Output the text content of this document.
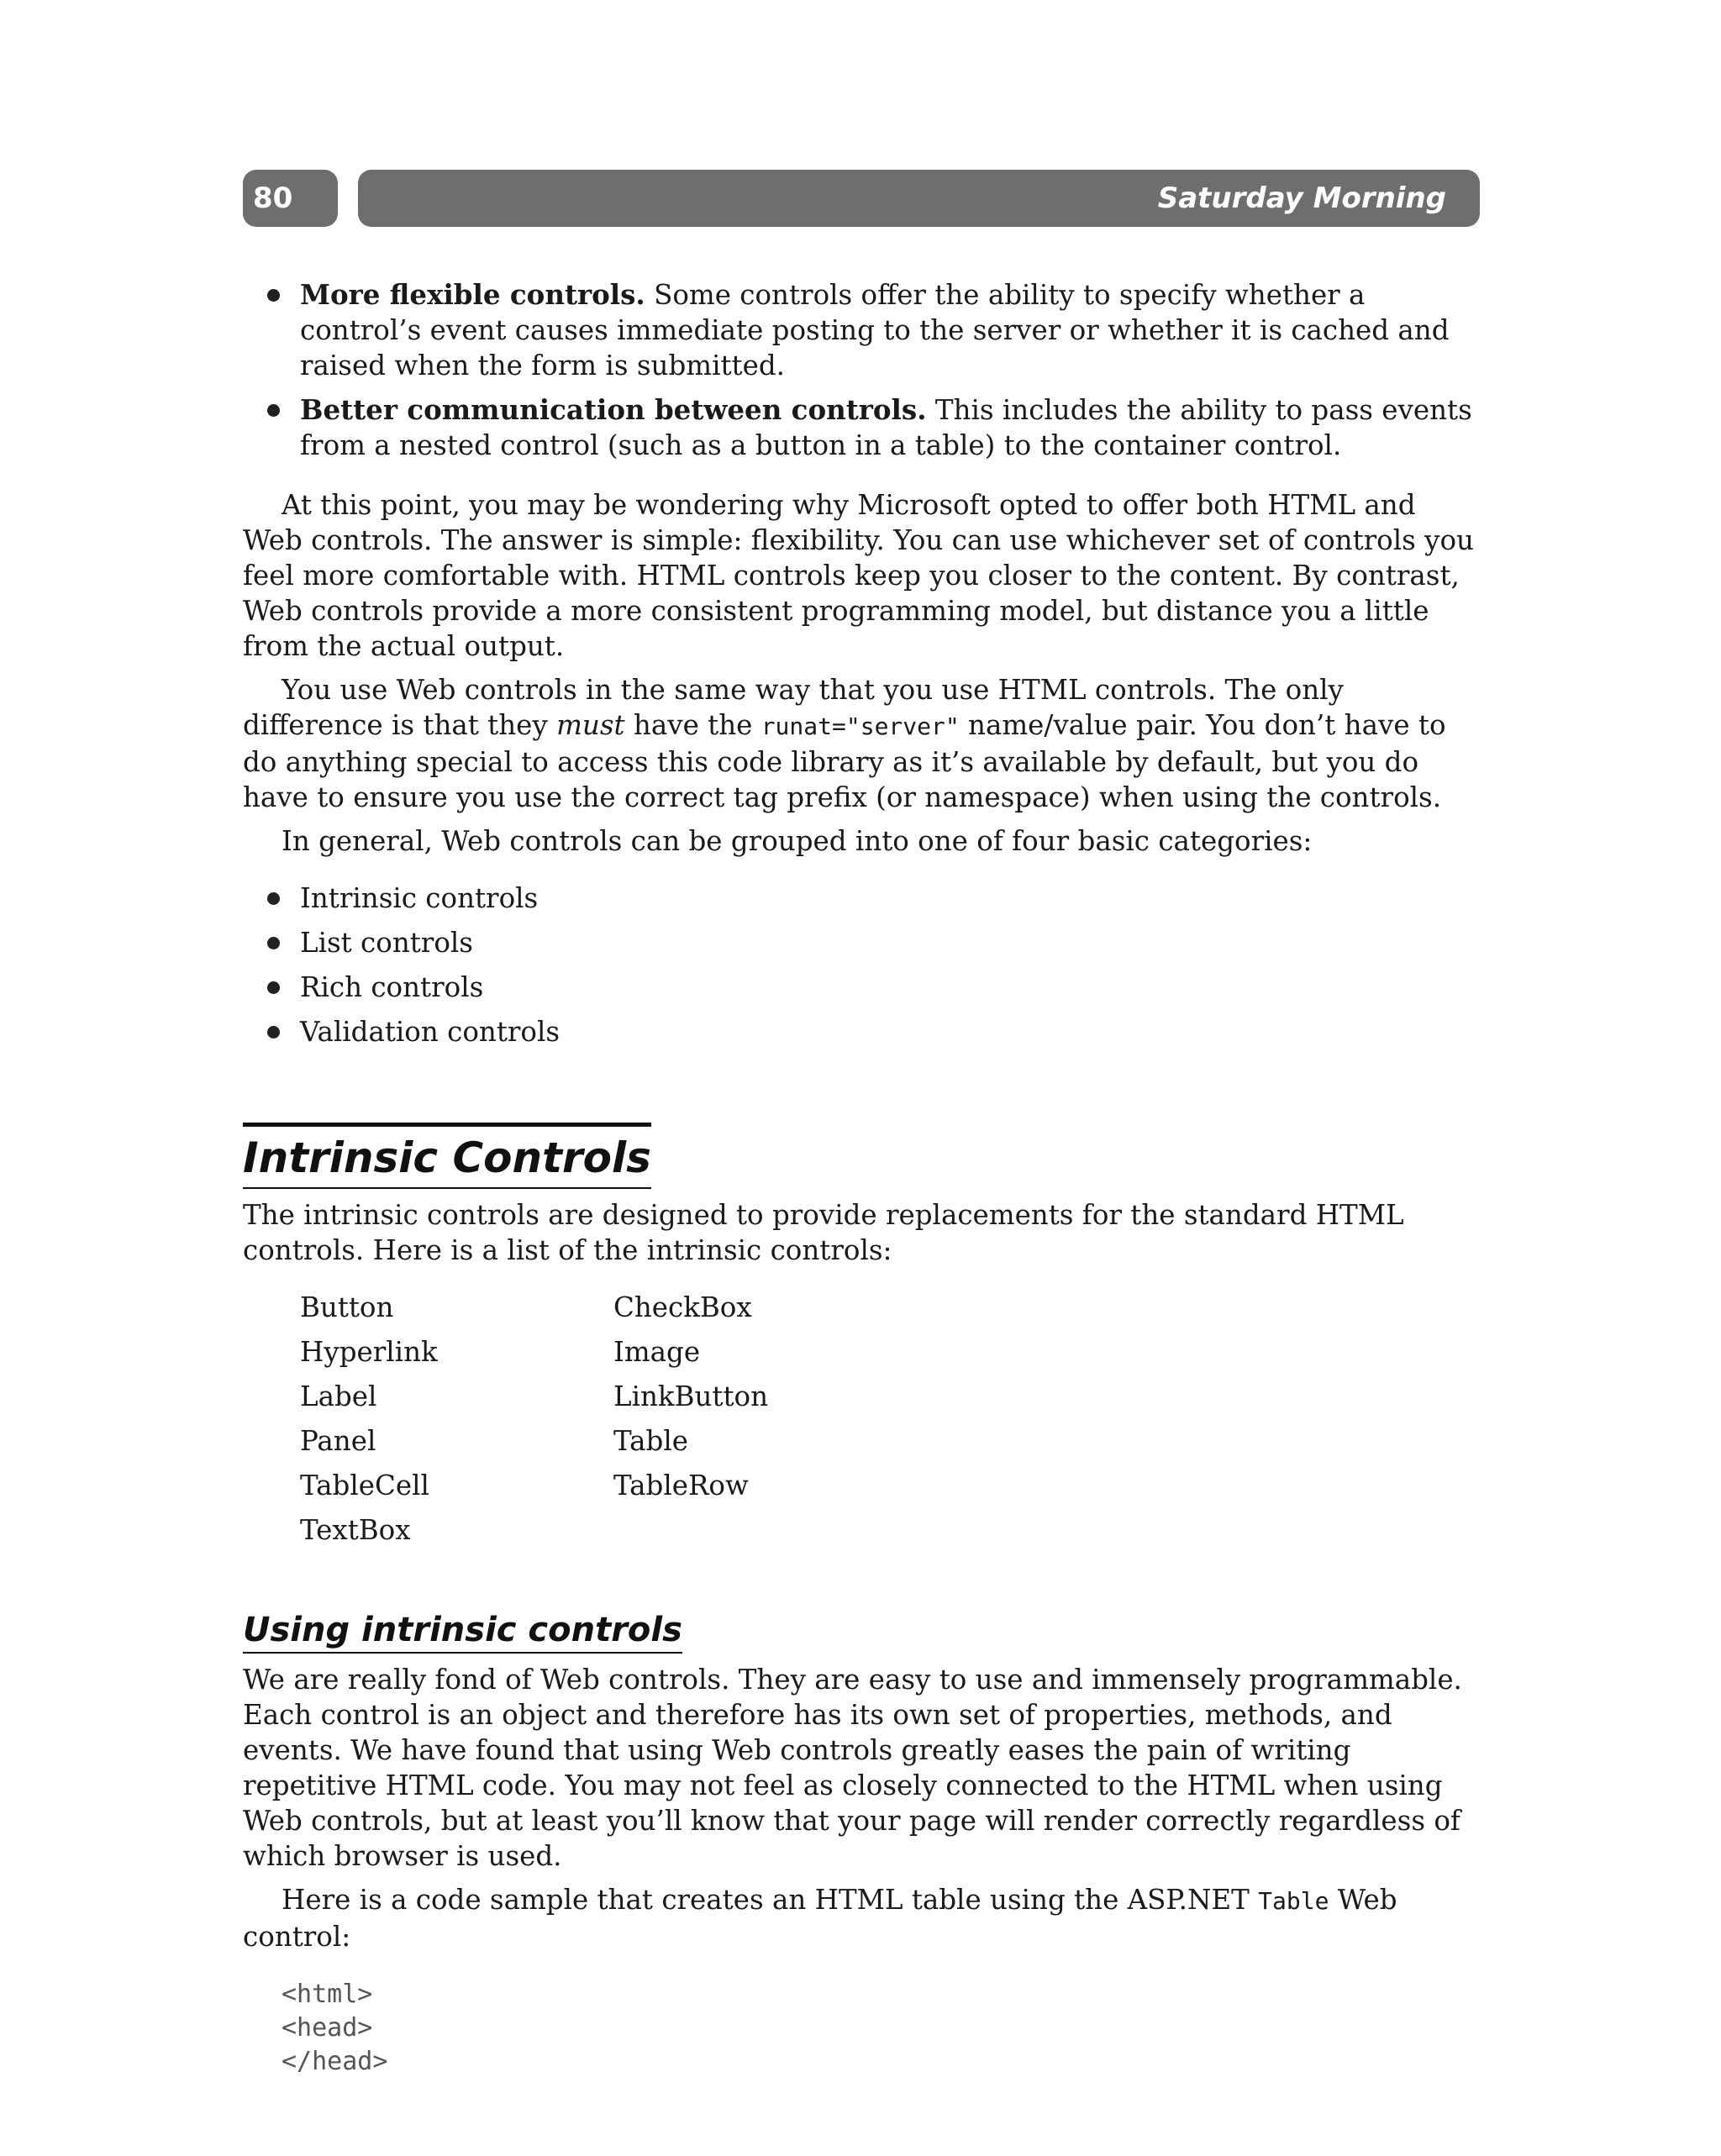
80	Saturday Morning
More flexible controls. Some controls offer the ability to specify whether a control’s event causes immediate posting to the server or whether it is cached and raised when the form is submitted.
Better communication between controls. This includes the ability to pass events from a nested control (such as a button in a table) to the container control.

At this point, you may be wondering why Microsoft opted to offer both HTML and Web controls. The answer is simple: flexibility. You can use whichever set of controls you feel more comfortable with. HTML controls keep you closer to the content. By contrast, Web controls provide a more consistent programming model, but distance you a little from the actual output.

You use Web controls in the same way that you use HTML controls. The only difference is that they must have the runat="server" name/value pair. You don’t have to do anything special to access this code library as it’s available by default, but you do have to ensure you use the correct tag prefix (or namespace) when using the controls.

In general, Web controls can be grouped into one of four basic categories:

Intrinsic controls
List controls
Rich controls
Validation controls
Intrinsic Controls

The intrinsic controls are designed to provide replacements for the standard HTML controls. Here is a list of the intrinsic controls:

Button	CheckBox
Hyperlink	Image
Label	LinkButton
Panel	Table
TableCell	TableRow
TextBox
Using intrinsic controls

We are really fond of Web controls. They are easy to use and immensely programmable. Each control is an object and therefore has its own set of properties, methods, and events. We have found that using Web controls greatly eases the pain of writing repetitive HTML code. You may not feel as closely connected to the HTML when using Web controls, but at least you’ll know that your page will render correctly regardless of which browser is used.

Here is a code sample that creates an HTML table using the ASP.NET Table Web control:

<html>
<head>
</head>
